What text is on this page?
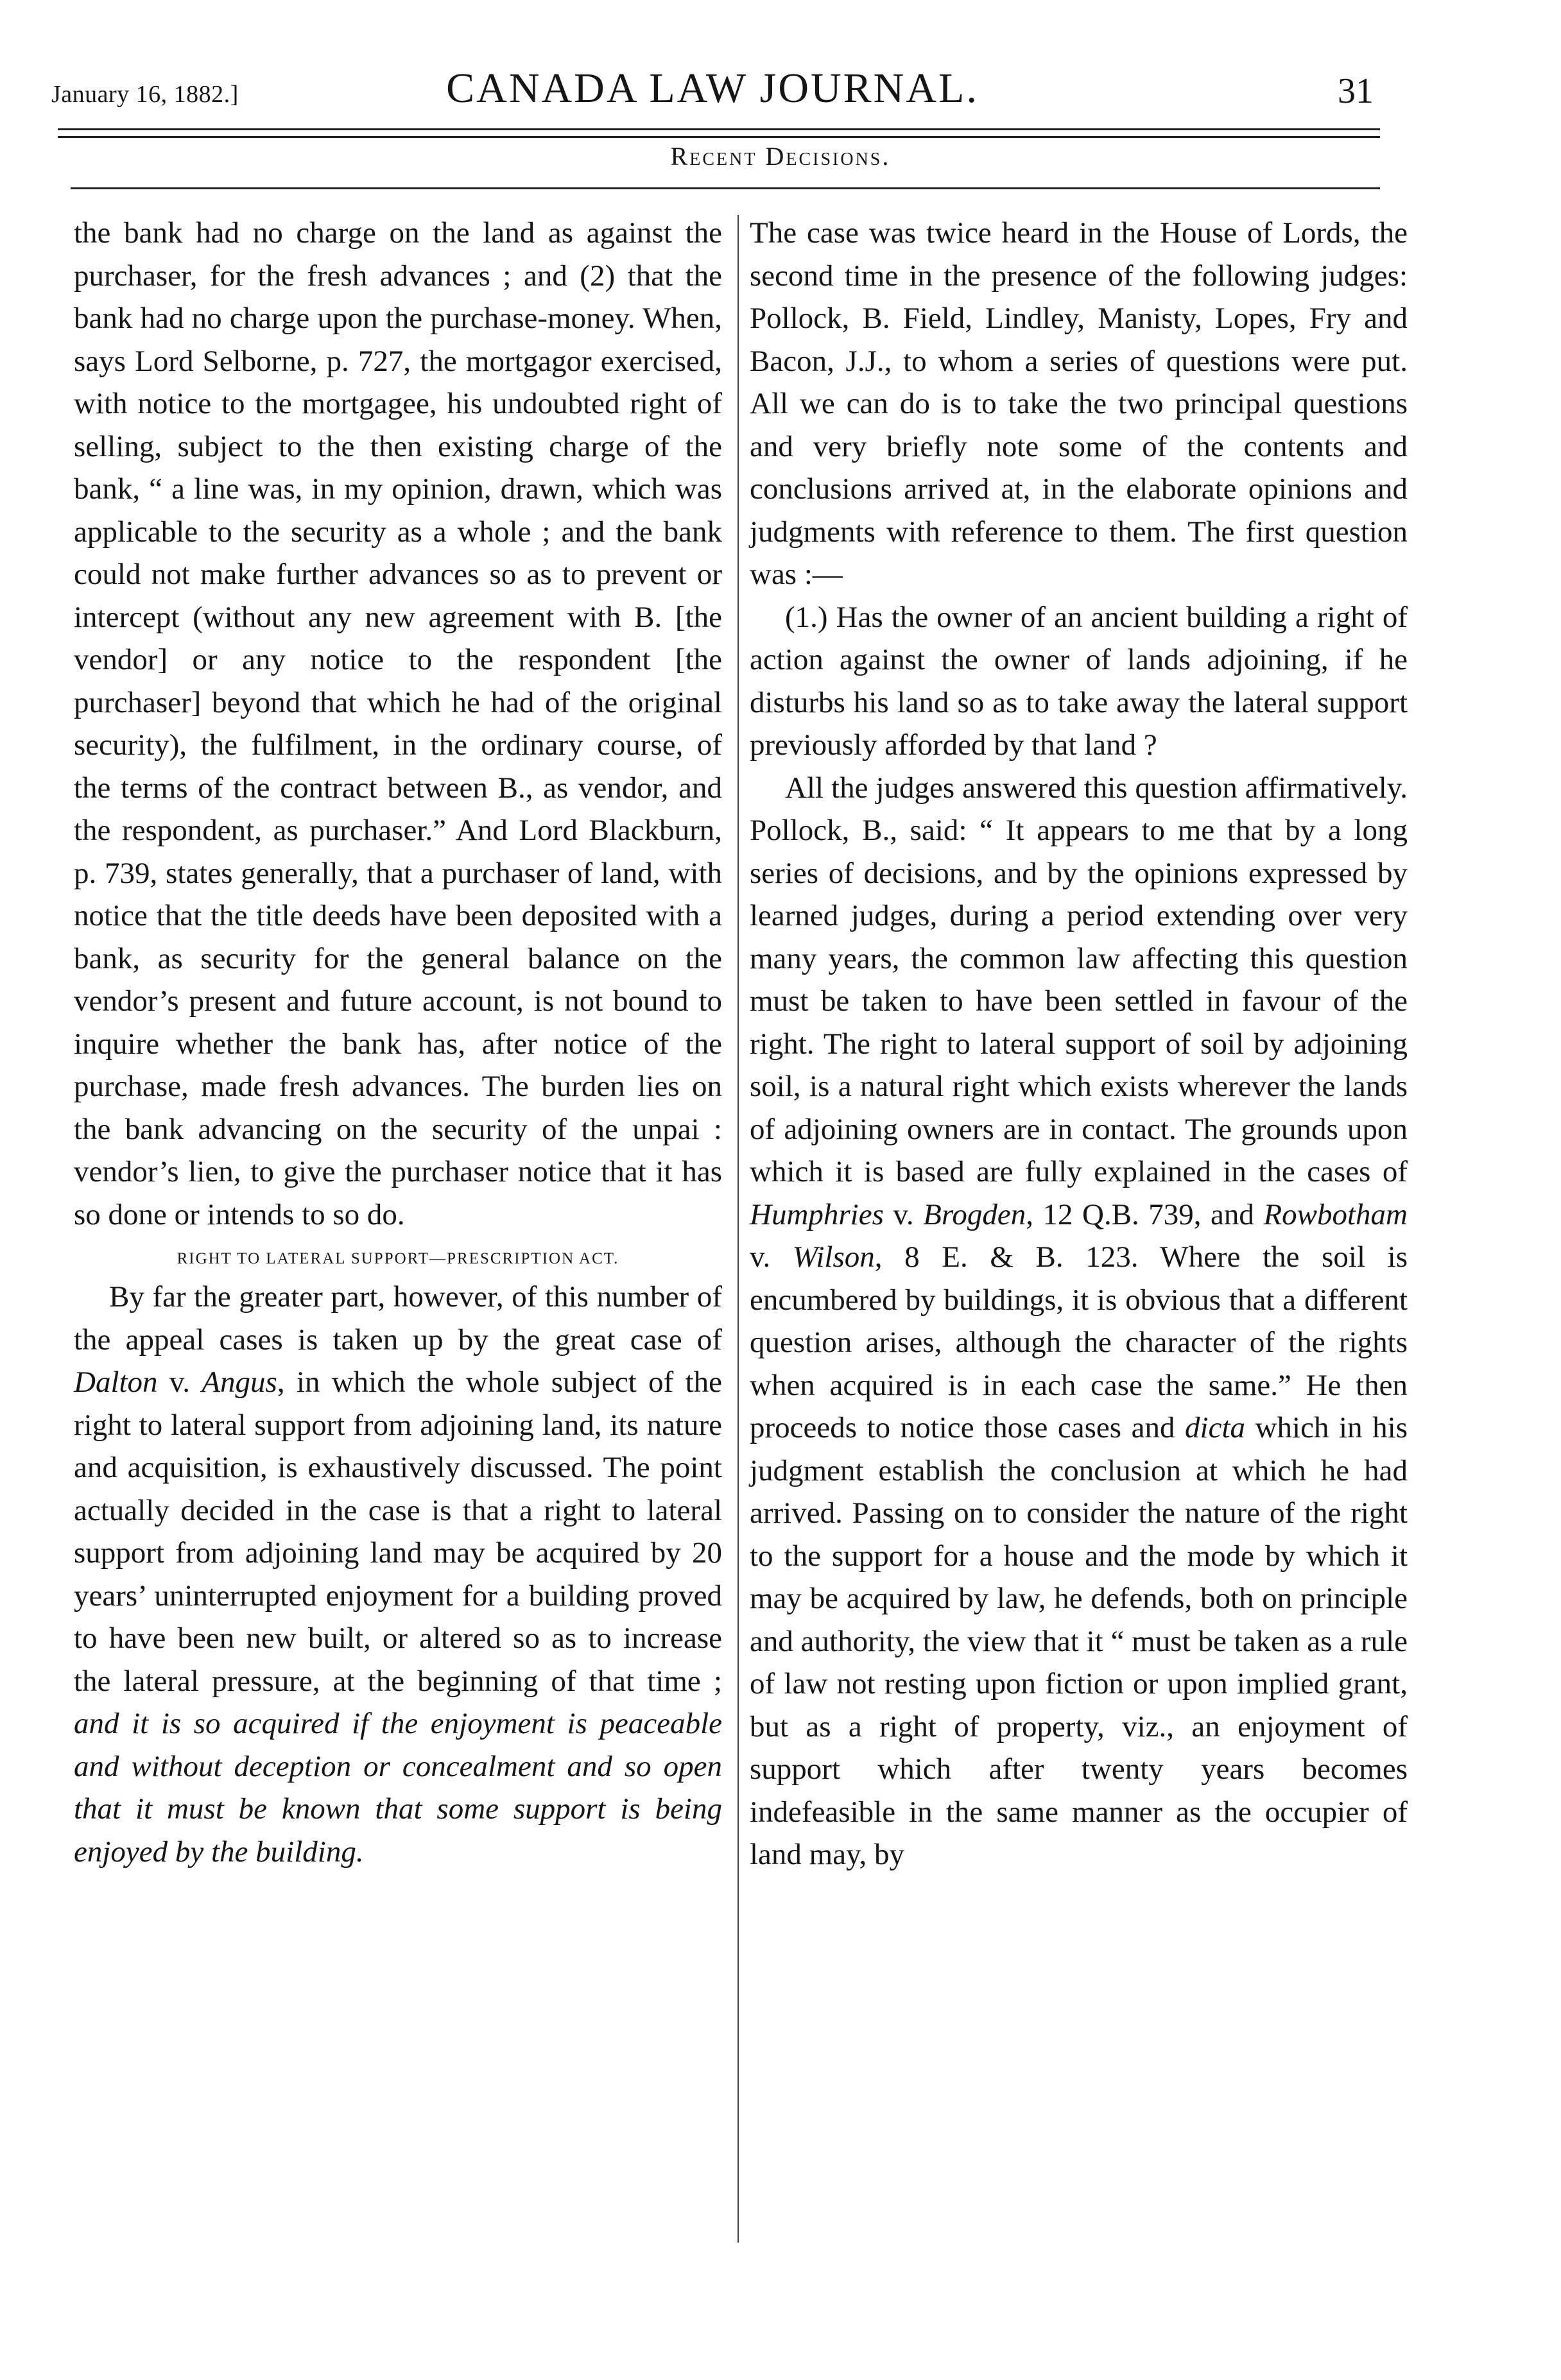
January 16, 1882.]	CANADA LAW JOURNAL.	31
Recent Decisions.

the bank had no charge on the land as against the purchaser, for the fresh advances ; and (2) that the bank had no charge upon the purchase-money. When, says Lord Selborne, p. 727, the mortgagor exercised, with notice to the mortgagee, his undoubted right of selling, subject to the then existing charge of the bank, “ a line was, in my opinion, drawn, which was applicable to the security as a whole ; and the bank could not make further advances so as to prevent or intercept (without any new agreement with B. [the vendor] or any notice to the respondent [the purchaser] beyond that which he had of the original security), the fulfilment, in the ordinary course, of the terms of the contract between B., as vendor, and the respondent, as purchaser.” And Lord Blackburn, p. 739, states generally, that a purchaser of land, with notice that the title deeds have been deposited with a bank, as security for the general balance on the vendor’s present and future account, is not bound to inquire whether the bank has, after notice of the purchase, made fresh advances. The burden lies on the bank advancing on the security of the unpai : vendor’s lien, to give the purchaser notice that it has so done or intends to so do.

RIGHT TO LATERAL SUPPORT—PRESCRIPTION ACT.

By far the greater part, however, of this number of the appeal cases is taken up by the great case of Dalton v. Angus, in which the whole subject of the right to lateral support from adjoining land, its nature and acquisition, is exhaustively discussed. The point actually decided in the case is that a right to lateral support from adjoining land may be acquired by 20 years’ uninterrupted enjoyment for a building proved to have been new built, or altered so as to increase the lateral pressure, at the beginning of that time ; and it is so acquired if the enjoyment is peaceable and without deception or concealment and so open that it must be known that some support is being enjoyed by the building.

The case was twice heard in the House of Lords, the second time in the presence of the following judges: Pollock, B. Field, Lindley, Manisty, Lopes, Fry and Bacon, J.J., to whom a series of questions were put. All we can do is to take the two principal questions and very briefly note some of the contents and conclusions arrived at, in the elaborate opinions and judgments with reference to them. The first question was :—

(1.) Has the owner of an ancient building a right of action against the owner of lands adjoining, if he disturbs his land so as to take away the lateral support previously afforded by that land ?

All the judges answered this question affirmatively. Pollock, B., said: “ It appears to me that by a long series of decisions, and by the opinions expressed by learned judges, during a period extending over very many years, the common law affecting this question must be taken to have been settled in favour of the right. The right to lateral support of soil by adjoining soil, is a natural right which exists wherever the lands of adjoining owners are in contact. The grounds upon which it is based are fully explained in the cases of Humphries v. Brogden, 12 Q.B. 739, and Rowbotham v. Wilson, 8 E. & B. 123. Where the soil is encumbered by buildings, it is obvious that a different question arises, although the character of the rights when acquired is in each case the same.” He then proceeds to notice those cases and dicta which in his judgment establish the conclusion at which he had arrived. Passing on to consider the nature of the right to the support for a house and the mode by which it may be acquired by law, he defends, both on principle and authority, the view that it “ must be taken as a rule of law not resting upon fiction or upon implied grant, but as a right of property, viz., an enjoyment of support which after twenty years becomes indefeasible in the same manner as the occupier of land may, by
